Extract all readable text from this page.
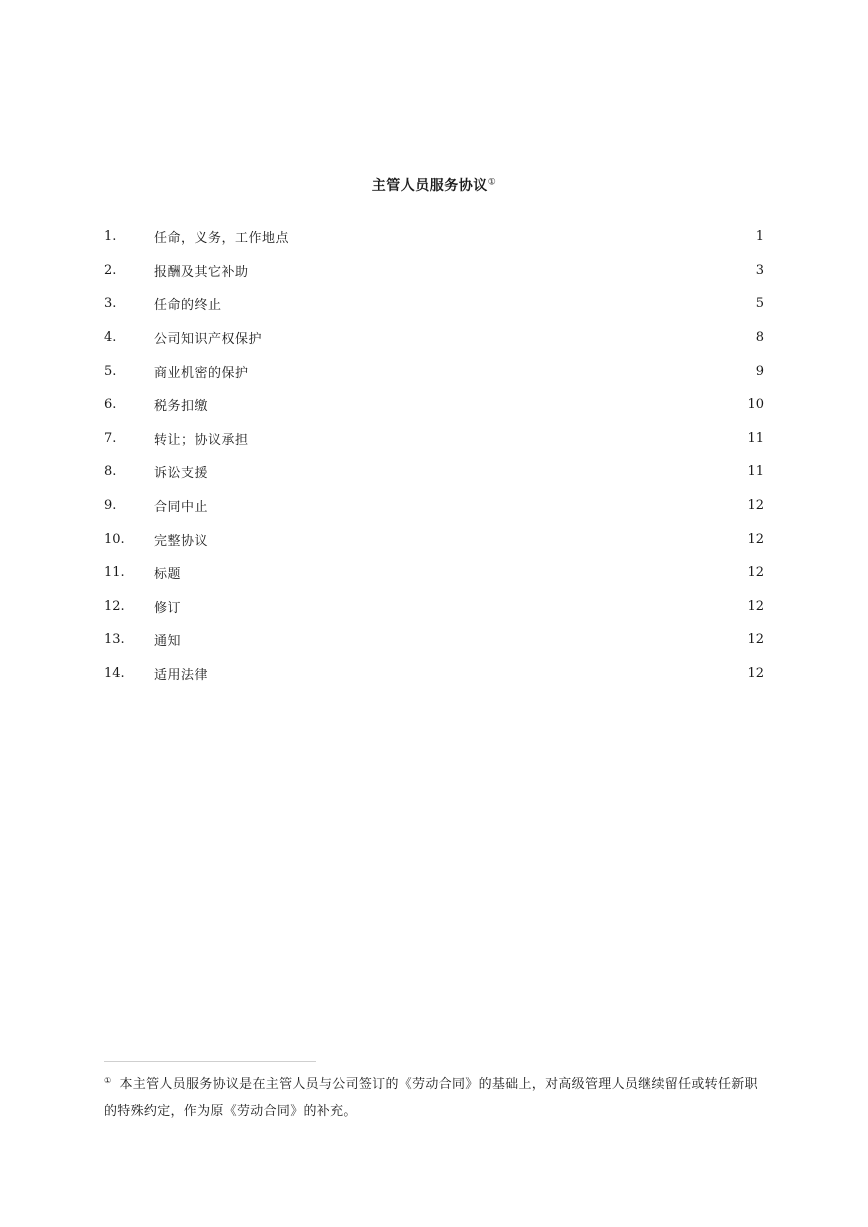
主管人员服务协议①
1.	任命，义务，工作地点	1
2.	报酬及其它补助	3
3.	任命的终止	5
4.	公司知识产权保护	8
5.	商业机密的保护	9
6.	税务扣缴	10
7.	转让；协议承担	11
8.	诉讼支援	11
9.	合同中止	12
10.	完整协议	12
11.	标题	12
12.	修订	12
13.	通知	12
14.	适用法律	12
① 本主管人员服务协议是在主管人员与公司签订的《劳动合同》的基础上，对高级管理人员继续留任或转任新职的特殊约定，作为原《劳动合同》的补充。
